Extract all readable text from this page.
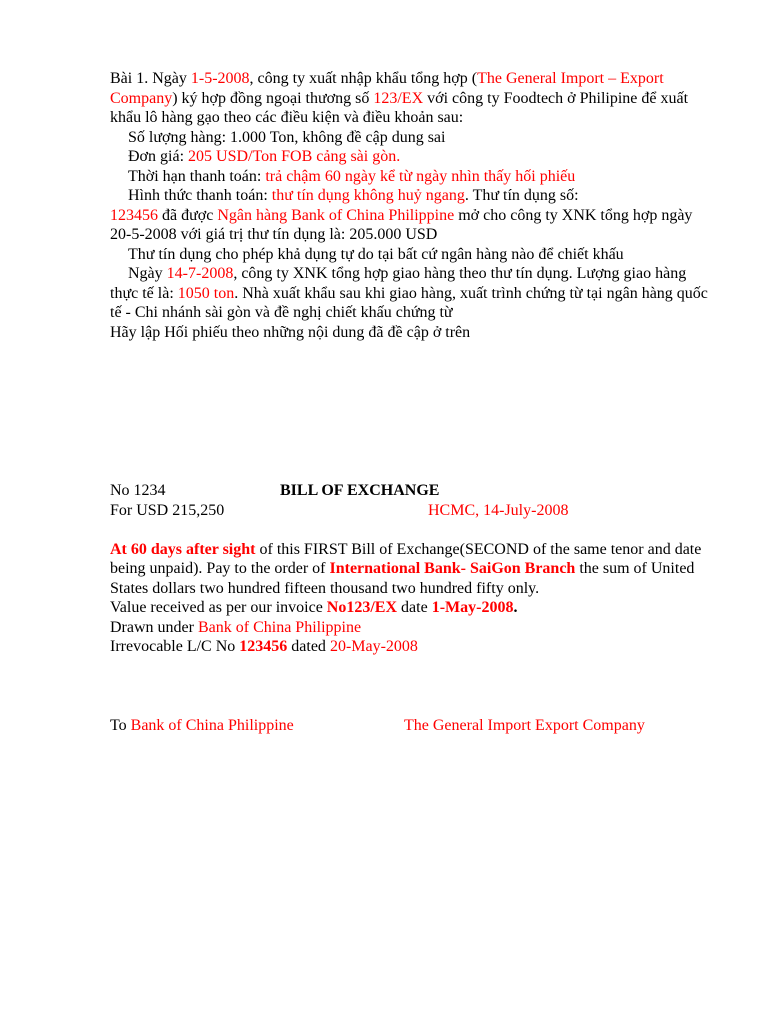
Bài 1. Ngày 1-5-2008, công ty xuất nhập khẩu tổng hợp (The General Import – Export Company) ký hợp đồng ngoại thương số 123/EX với công ty Foodtech ở Philipine để xuất khẩu lô hàng gạo theo các điều kiện và điều khoản sau:

Số lượng hàng: 1.000 Ton, không đề cập dung sai

Đơn giá: 205 USD/Ton FOB cảng sài gòn.

Thời hạn thanh toán: trả chậm 60 ngày kể từ ngày nhìn thấy hối phiếu

Hình thức thanh toán: thư tín dụng không huỷ ngang. Thư tín dụng số:

123456 đã được Ngân hàng Bank of China Philippine mở cho công ty XNK tổng hợp ngày 20-5-2008 với giá trị thư tín dụng là: 205.000 USD

Thư tín dụng cho phép khả dụng tự do tại bất cứ ngân hàng nào để chiết khấu

Ngày 14-7-2008, công ty XNK tổng hợp giao hàng theo thư tín dụng. Lượng giao hàng thực tế là: 1050 ton. Nhà xuất khẩu sau khi giao hàng, xuất trình chứng từ tại ngân hàng quốc tế - Chi nhánh sài gòn và đề nghị chiết khấu chứng từ

Hãy lập Hối phiếu theo những nội dung đã đề cập ở trên

No 1234	BILL OF EXCHANGE
For USD 215,250	HCMC, 14-July-2008

At 60 days after sight of this FIRST Bill of Exchange(SECOND of the same tenor and date being unpaid). Pay to the order of International Bank- SaiGon Branch the sum of United States dollars two hundred fifteen thousand two hundred fifty only.

Value received as per our invoice No123/EX date 1-May-2008.

Drawn under Bank of China Philippine

Irrevocable L/C No 123456 dated 20-May-2008

To Bank of China Philippine	The General Import Export Company
